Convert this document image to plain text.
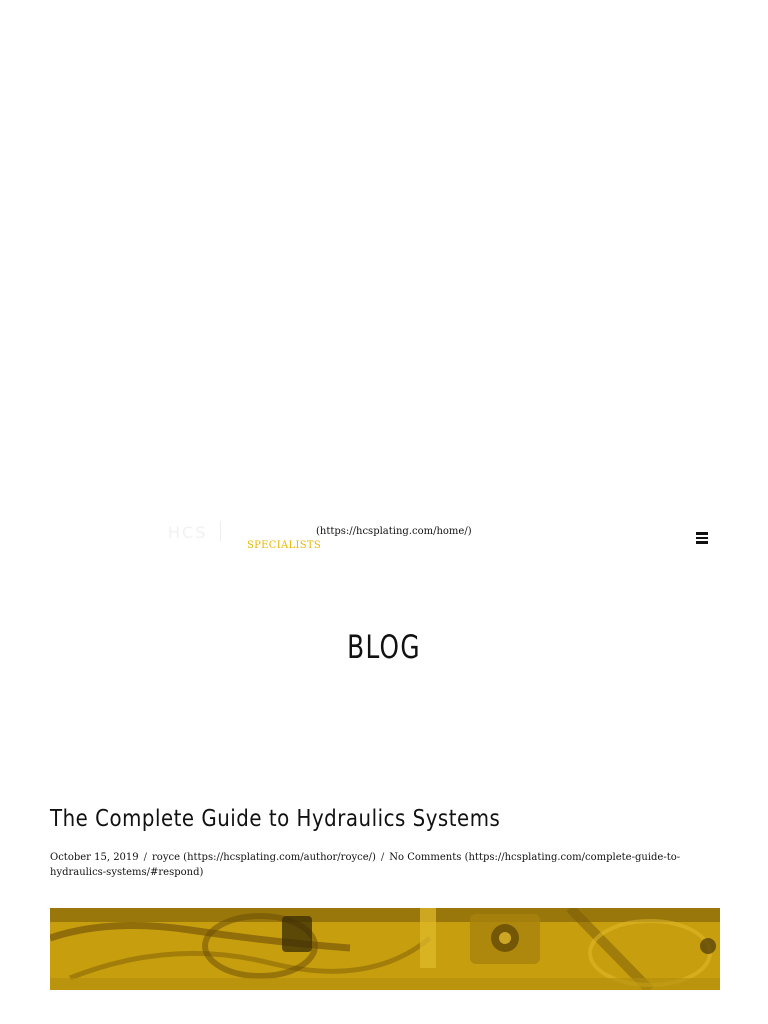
HCS
SPECIALISTS
(https://hcsplating.com/home/)
BLOG
The Complete Guide to Hydraulics Systems
October 15, 2019 / royce (https://hcsplating.com/author/royce/) / No Comments (https://hcsplating.com/complete-guide-to-hydraulics-systems/#respond)
